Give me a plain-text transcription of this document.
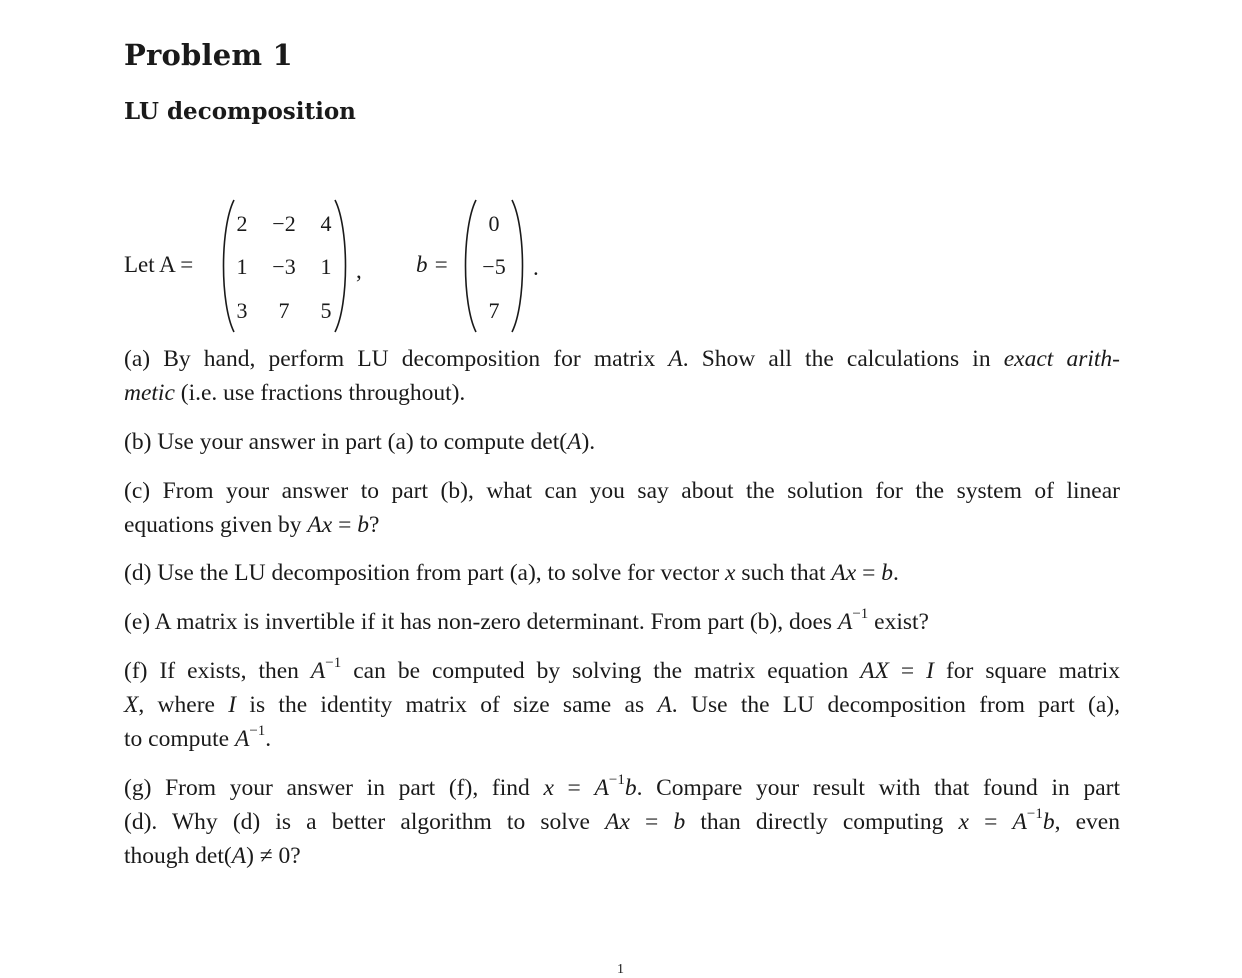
Problem 1
LU decomposition
Let A =
2	−2	4
1	−3	1
3	7	5
, b =
0
−5
7
.
(a) By hand, perform LU decomposition for matrix A. Show all the calculations in exact arith-
metic (i.e. use fractions throughout).
(b) Use your answer in part (a) to compute det(A).
(c) From your answer to part (b), what can you say about the solution for the system of linear
equations given by Ax = b?
(d) Use the LU decomposition from part (a), to solve for vector x such that Ax = b.
(e) A matrix is invertible if it has non-zero determinant. From part (b), does $A^{-1}$ exist?
(f) If exists, then $A^{-1}$ can be computed by solving the matrix equation AX = I for square matrix
X, where I is the identity matrix of size same as A. Use the LU decomposition from part (a),
to compute $A^{-1}$.
(g) From your answer in part (f), find $x = A^{-1}b$. Compare your result with that found in part
(d). Why (d) is a better algorithm to solve Ax = b than directly computing $x = A^{-1}b$, even
though det(A) ≠ 0?
1
